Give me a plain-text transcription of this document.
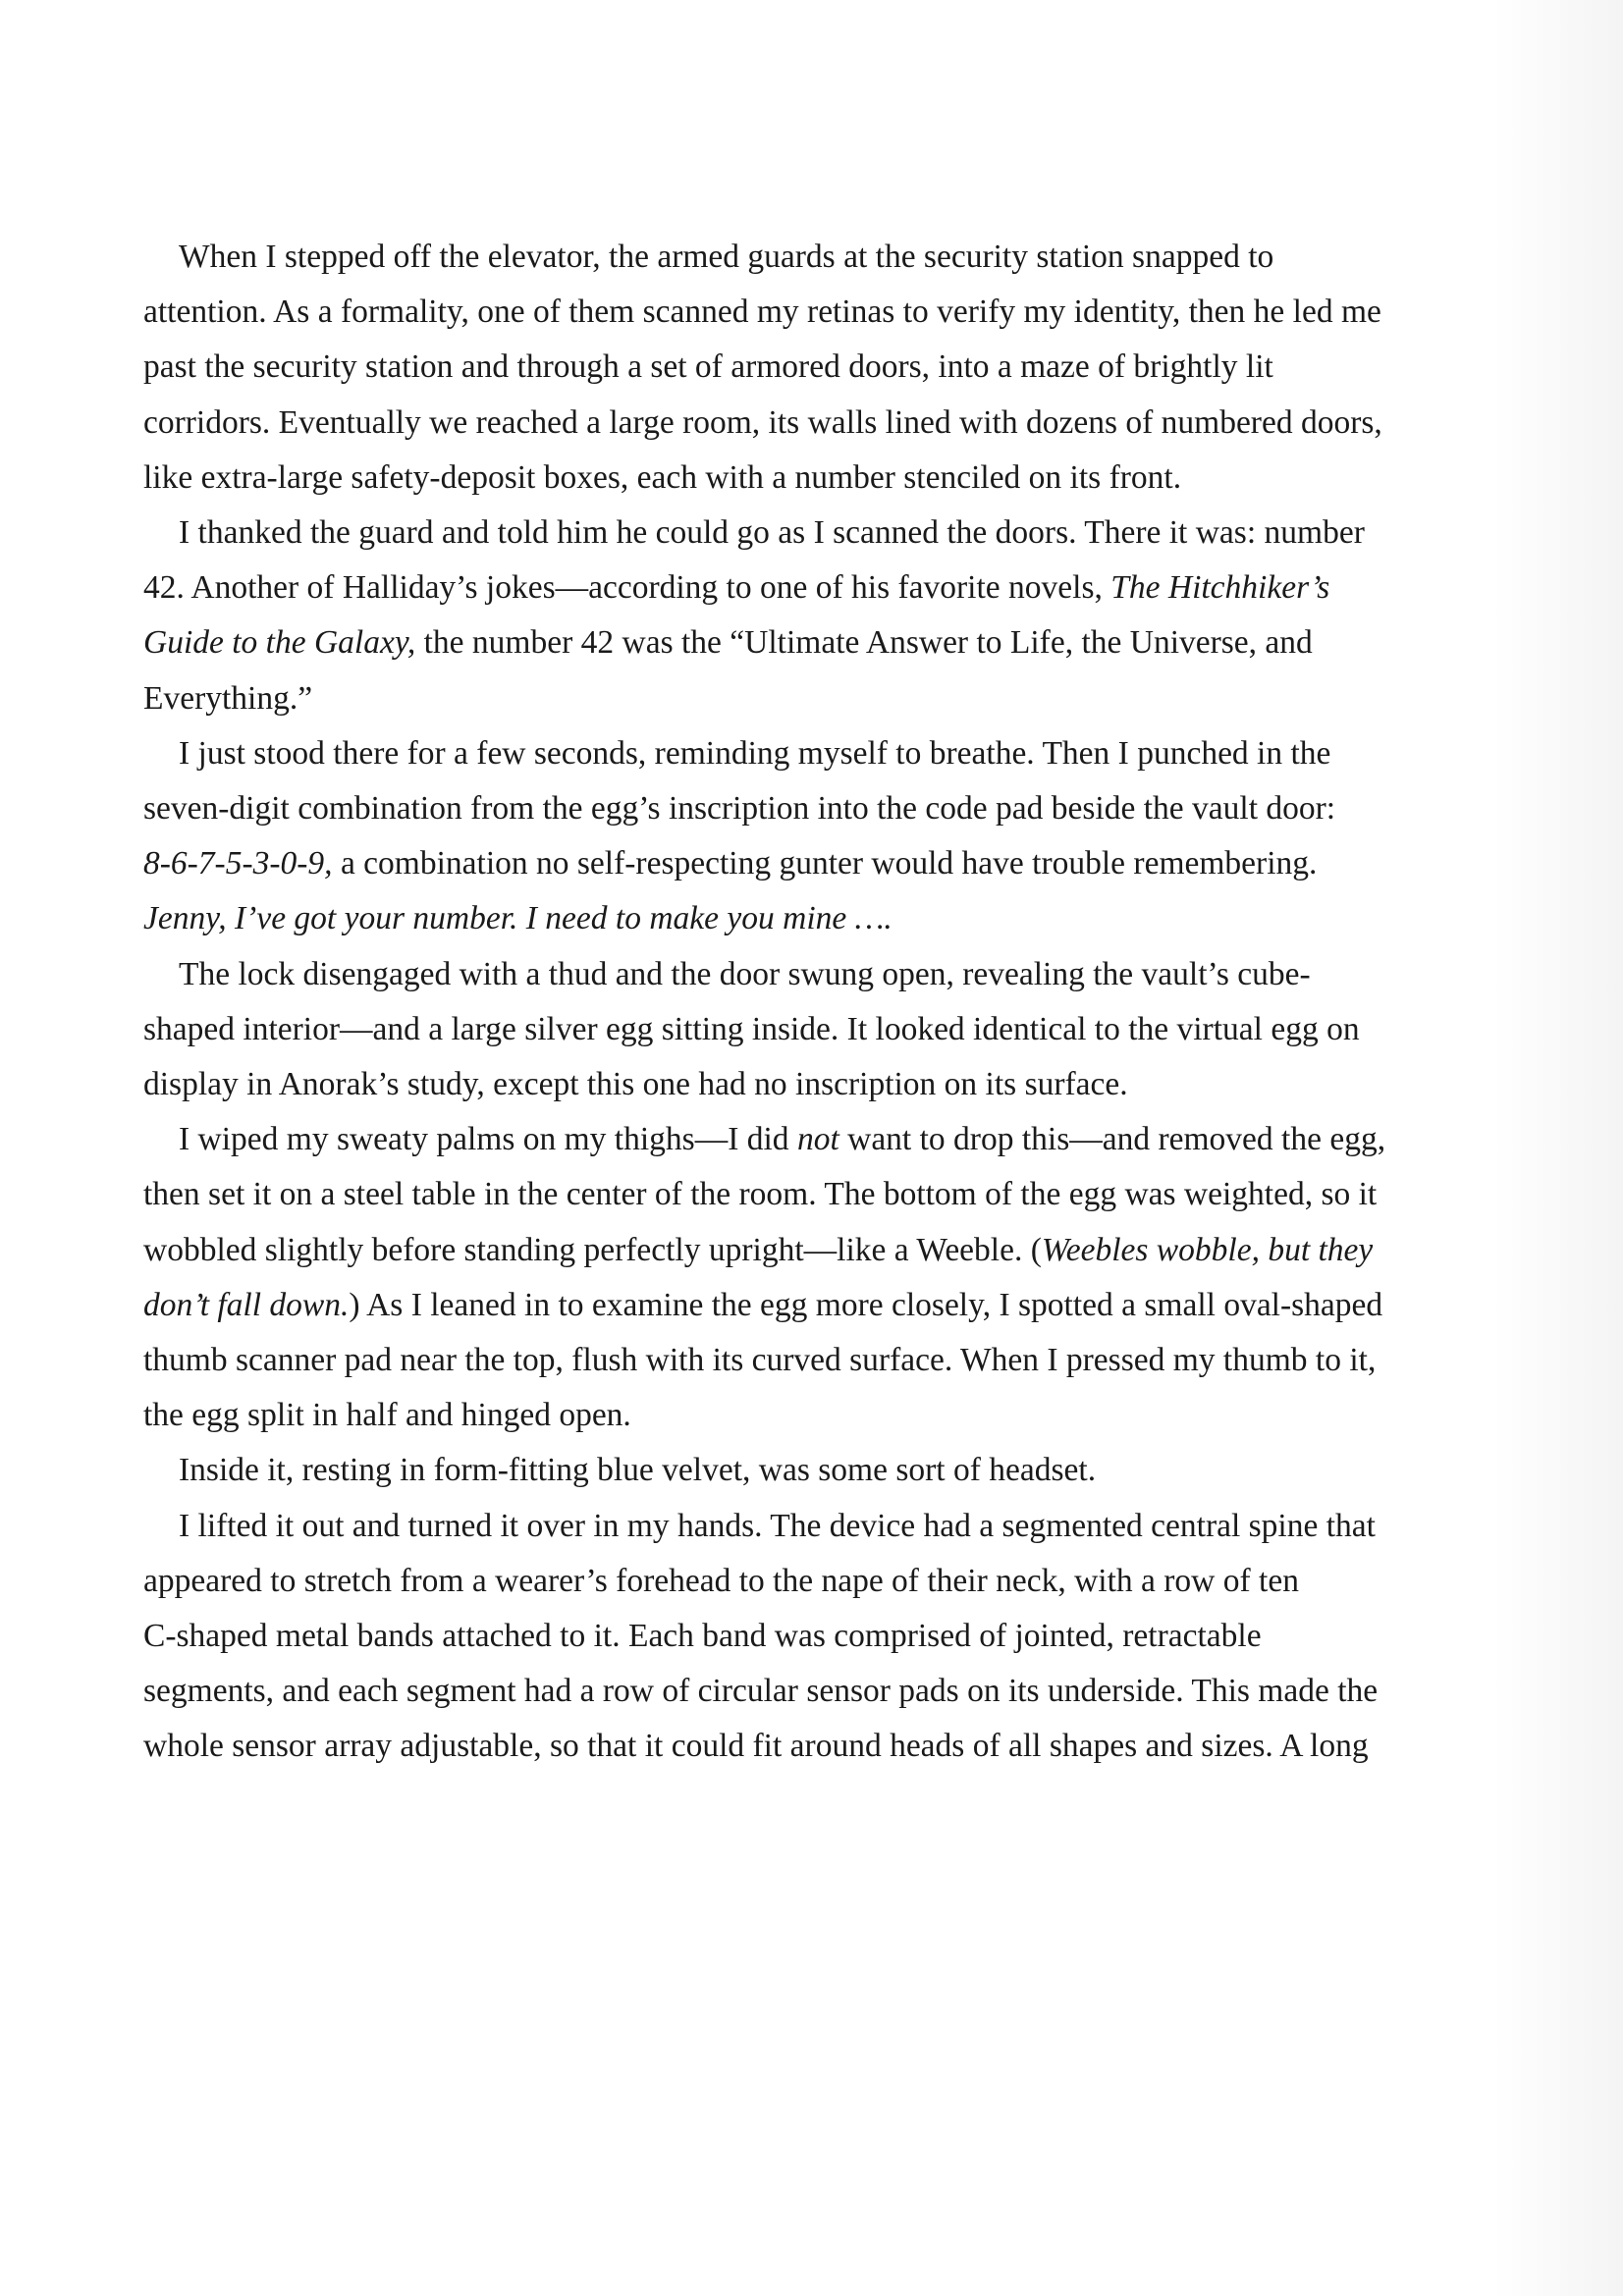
When I stepped off the elevator, the armed guards at the security station snapped to
attention. As a formality, one of them scanned my retinas to verify my identity, then he led me
past the security station and through a set of armored doors, into a maze of brightly lit
corridors. Eventually we reached a large room, its walls lined with dozens of numbered doors,
like extra-large safety-deposit boxes, each with a number stenciled on its front.
I thanked the guard and told him he could go as I scanned the doors. There it was: number
42. Another of Halliday’s jokes—according to one of his favorite novels, The Hitchhiker’s
Guide to the Galaxy, the number 42 was the “Ultimate Answer to Life, the Universe, and
Everything.”
I just stood there for a few seconds, reminding myself to breathe. Then I punched in the
seven-digit combination from the egg’s inscription into the code pad beside the vault door:
8-6-7-5-3-0-9, a combination no self-respecting gunter would have trouble remembering.
Jenny, I’ve got your number. I need to make you mine ….
The lock disengaged with a thud and the door swung open, revealing the vault’s cube-
shaped interior—and a large silver egg sitting inside. It looked identical to the virtual egg on
display in Anorak’s study, except this one had no inscription on its surface.
I wiped my sweaty palms on my thighs—I did not want to drop this—and removed the egg,
then set it on a steel table in the center of the room. The bottom of the egg was weighted, so it
wobbled slightly before standing perfectly upright—like a Weeble. (Weebles wobble, but they
don’t fall down.) As I leaned in to examine the egg more closely, I spotted a small oval-shaped
thumb scanner pad near the top, flush with its curved surface. When I pressed my thumb to it,
the egg split in half and hinged open.
Inside it, resting in form-fitting blue velvet, was some sort of headset.
I lifted it out and turned it over in my hands. The device had a segmented central spine that
appeared to stretch from a wearer’s forehead to the nape of their neck, with a row of ten
C-shaped metal bands attached to it. Each band was comprised of jointed, retractable
segments, and each segment had a row of circular sensor pads on its underside. This made the
whole sensor array adjustable, so that it could fit around heads of all shapes and sizes. A long
